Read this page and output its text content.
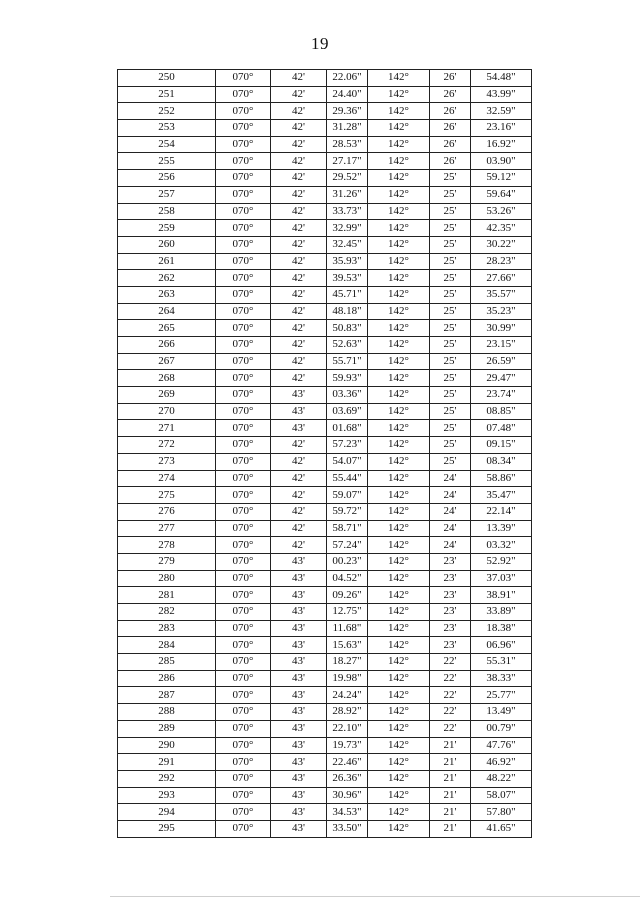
19
250	070°	42'	22.06"	142°	26'	54.48"
251	070°	42'	24.40"	142°	26'	43.99"
252	070°	42'	29.36"	142°	26'	32.59"
253	070°	42'	31.28"	142°	26'	23.16"
254	070°	42'	28.53"	142°	26'	16.92"
255	070°	42'	27.17"	142°	26'	03.90"
256	070°	42'	29.52"	142°	25'	59.12"
257	070°	42'	31.26"	142°	25'	59.64"
258	070°	42'	33.73"	142°	25'	53.26"
259	070°	42'	32.99"	142°	25'	42.35"
260	070°	42'	32.45"	142°	25'	30.22"
261	070°	42'	35.93"	142°	25'	28.23"
262	070°	42'	39.53"	142°	25'	27.66"
263	070°	42'	45.71"	142°	25'	35.57"
264	070°	42'	48.18"	142°	25'	35.23"
265	070°	42'	50.83"	142°	25'	30.99"
266	070°	42'	52.63"	142°	25'	23.15"
267	070°	42'	55.71"	142°	25'	26.59"
268	070°	42'	59.93"	142°	25'	29.47"
269	070°	43'	03.36"	142°	25'	23.74"
270	070°	43'	03.69"	142°	25'	08.85"
271	070°	43'	01.68"	142°	25'	07.48"
272	070°	42'	57.23"	142°	25'	09.15"
273	070°	42'	54.07"	142°	25'	08.34"
274	070°	42'	55.44"	142°	24'	58.86"
275	070°	42'	59.07"	142°	24'	35.47"
276	070°	42'	59.72"	142°	24'	22.14"
277	070°	42'	58.71"	142°	24'	13.39"
278	070°	42'	57.24"	142°	24'	03.32"
279	070°	43'	00.23"	142°	23'	52.92"
280	070°	43'	04.52"	142°	23'	37.03"
281	070°	43'	09.26"	142°	23'	38.91"
282	070°	43'	12.75"	142°	23'	33.89"
283	070°	43'	11.68"	142°	23'	18.38"
284	070°	43'	15.63"	142°	23'	06.96"
285	070°	43'	18.27"	142°	22'	55.31"
286	070°	43'	19.98"	142°	22'	38.33"
287	070°	43'	24.24"	142°	22'	25.77"
288	070°	43'	28.92"	142°	22'	13.49"
289	070°	43'	22.10"	142°	22'	00.79"
290	070°	43'	19.73"	142°	21'	47.76"
291	070°	43'	22.46"	142°	21'	46.92"
292	070°	43'	26.36"	142°	21'	48.22"
293	070°	43'	30.96"	142°	21'	58.07"
294	070°	43'	34.53"	142°	21'	57.80"
295	070°	43'	33.50"	142°	21'	41.65"
